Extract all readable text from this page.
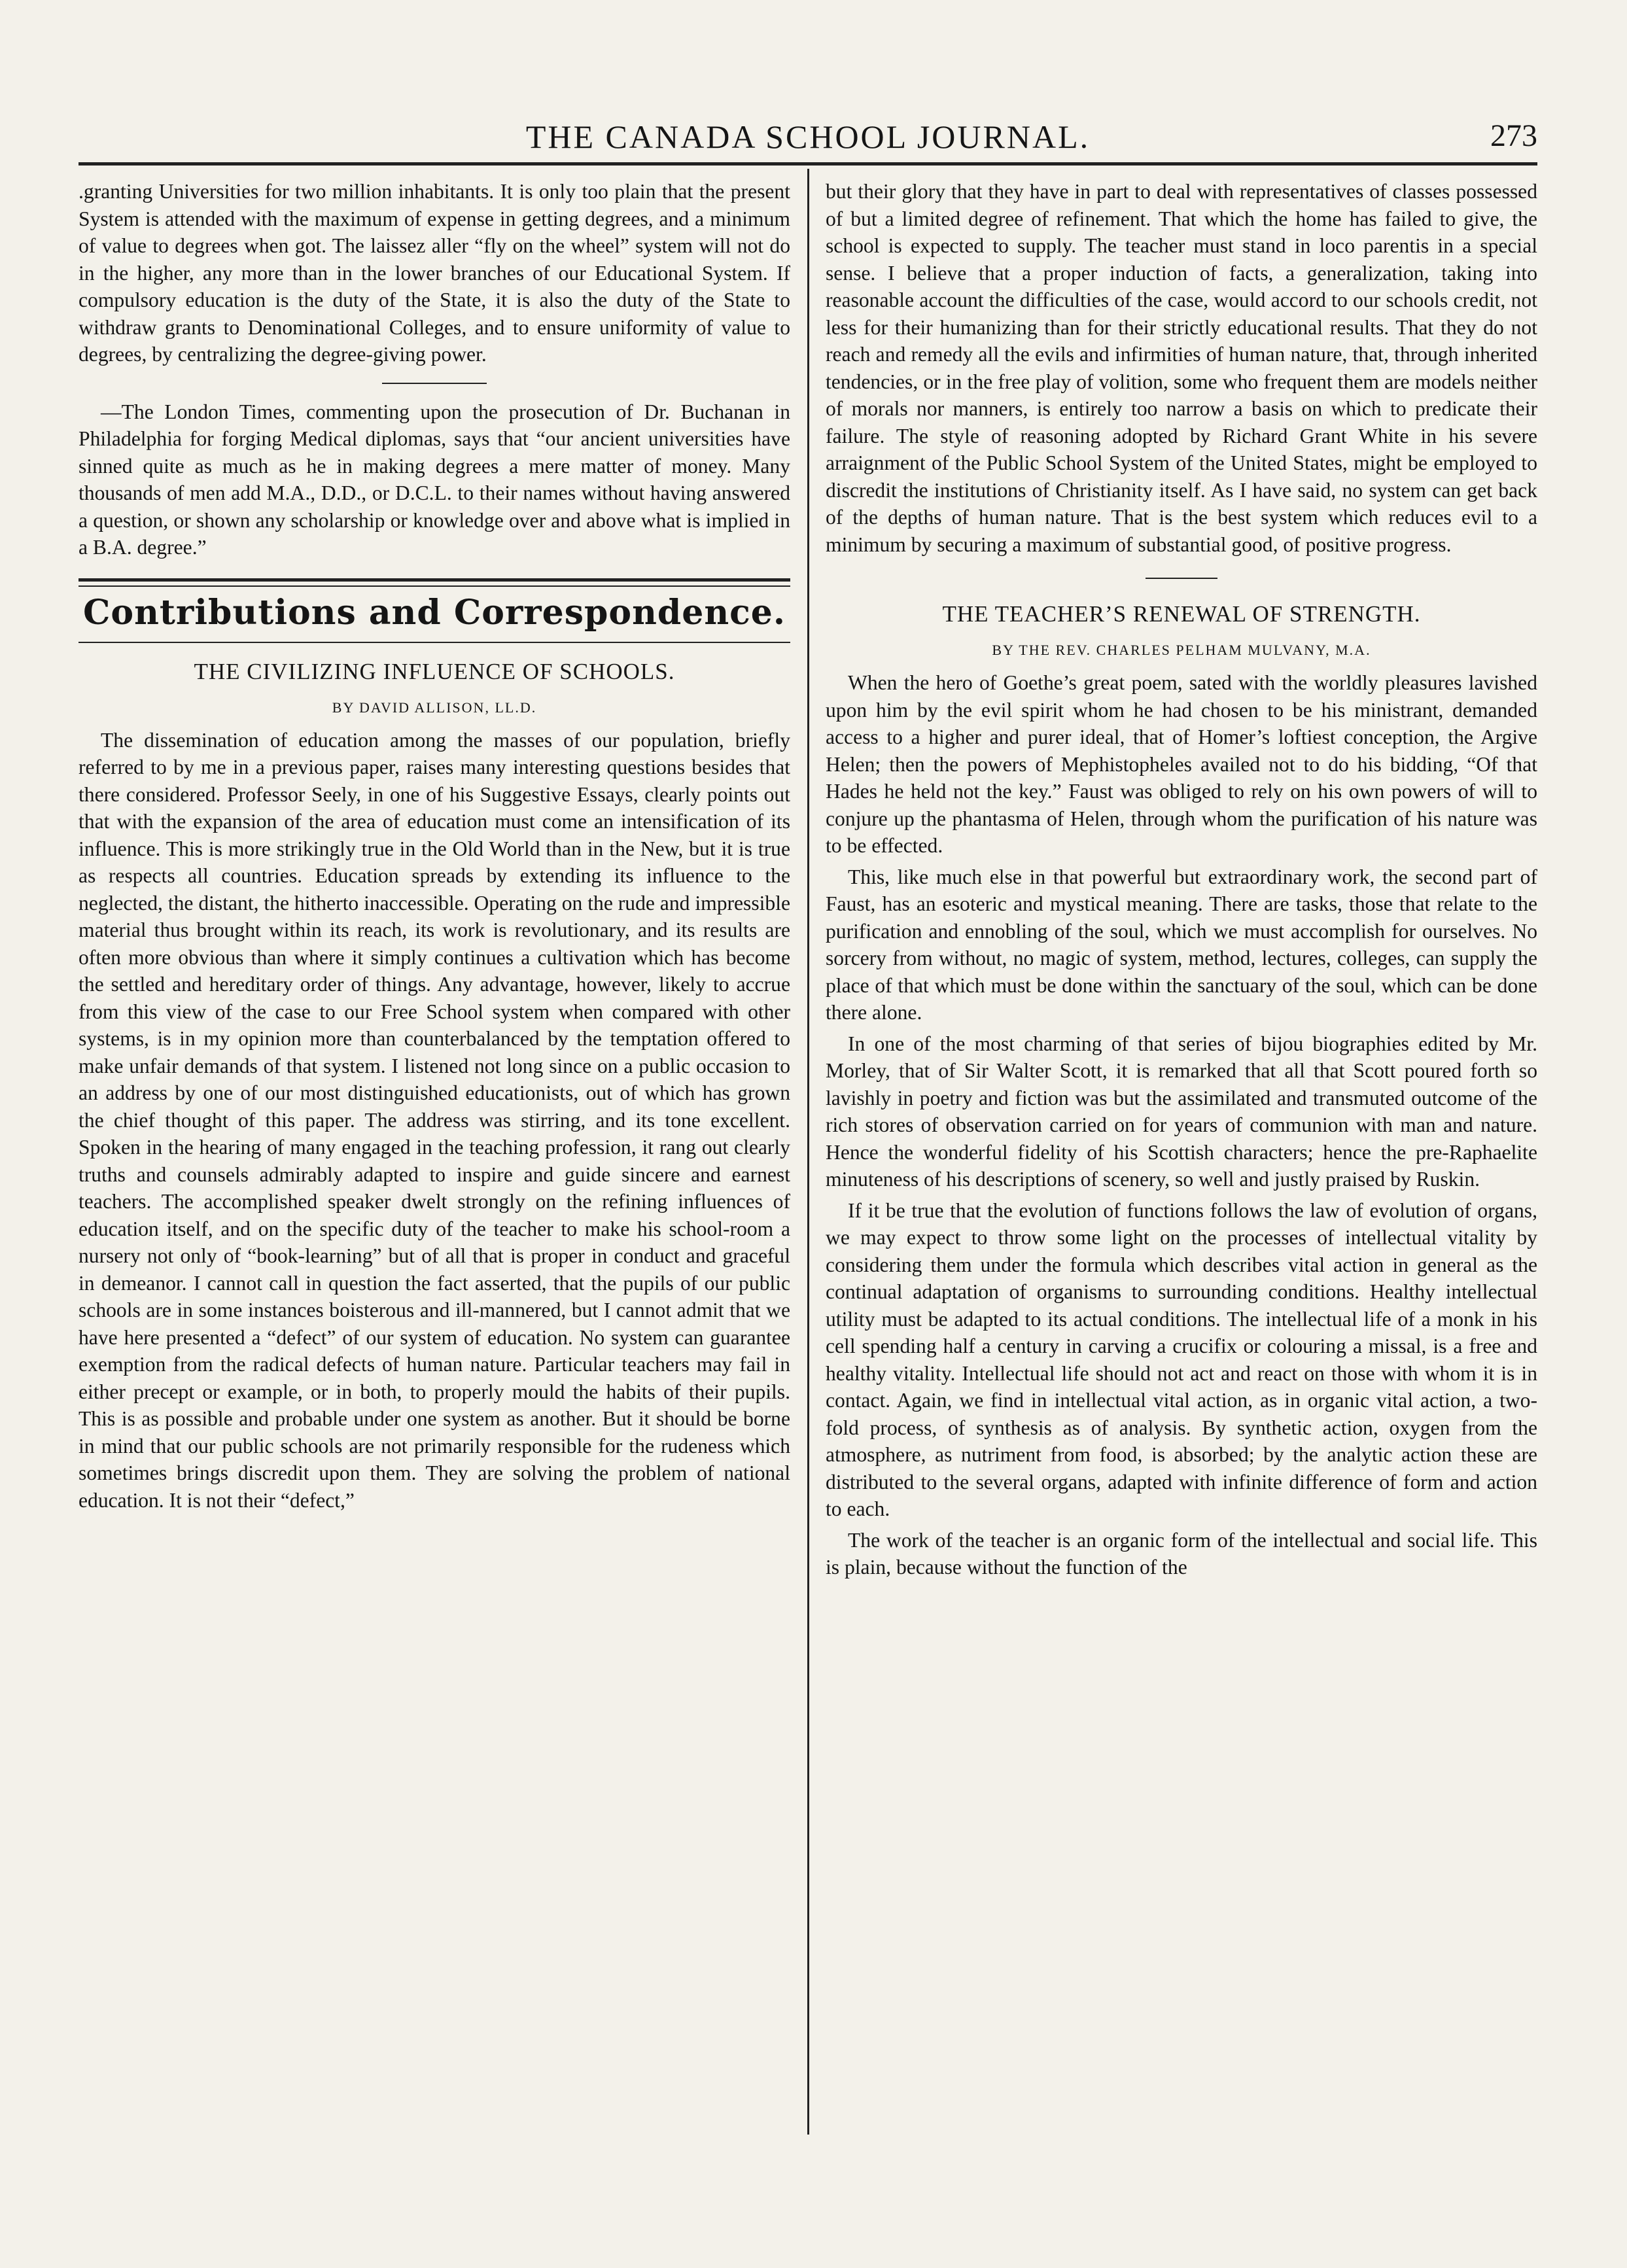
THE CANADA SCHOOL JOURNAL.	273

.granting Universities for two million inhabitants. It is only too plain that the present System is attended with the maximum of expense in getting degrees, and a minimum of value to degrees when got. The laissez aller “fly on the wheel” system will not do in the higher, any more than in the lower branches of our Educational System. If compulsory education is the duty of the State, it is also the duty of the State to withdraw grants to Denominational Colleges, and to ensure uniformity of value to degrees, by centralizing the degree-giving power.

—The London Times, commenting upon the prosecution of Dr. Buchanan in Philadelphia for forging Medical diplomas, says that “our ancient universities have sinned quite as much as he in making degrees a mere matter of money. Many thousands of men add M.A., D.D., or D.C.L. to their names without having answered a question, or shown any scholarship or knowledge over and above what is implied in a B.A. degree.”

Contributions and Correspondence.
THE CIVILIZING INFLUENCE OF SCHOOLS.
BY DAVID ALLISON, LL.D.

The dissemination of education among the masses of our population, briefly referred to by me in a previous paper, raises many interesting questions besides that there considered. Professor Seely, in one of his Suggestive Essays, clearly points out that with the expansion of the area of education must come an intensification of its influence. This is more strikingly true in the Old World than in the New, but it is true as respects all countries. Education spreads by extending its influence to the neglected, the distant, the hitherto inaccessible. Operating on the rude and impressible material thus brought within its reach, its work is revolutionary, and its results are often more obvious than where it simply continues a cultivation which has become the settled and hereditary order of things. Any advantage, however, likely to accrue from this view of the case to our Free School system when compared with other systems, is in my opinion more than counterbalanced by the temptation offered to make unfair demands of that system. I listened not long since on a public occasion to an address by one of our most distinguished educationists, out of which has grown the chief thought of this paper. The address was stirring, and its tone excellent. Spoken in the hearing of many engaged in the teaching profession, it rang out clearly truths and counsels admirably adapted to inspire and guide sincere and earnest teachers. The accomplished speaker dwelt strongly on the refining influences of education itself, and on the specific duty of the teacher to make his school-room a nursery not only of “book-learning” but of all that is proper in conduct and graceful in demeanor. I cannot call in question the fact asserted, that the pupils of our public schools are in some instances boisterous and ill-mannered, but I cannot admit that we have here presented a “defect” of our system of education. No system can guarantee exemption from the radical defects of human nature. Particular teachers may fail in either precept or example, or in both, to properly mould the habits of their pupils. This is as possible and probable under one system as another. But it should be borne in mind that our public schools are not primarily responsible for the rudeness which sometimes brings discredit upon them. They are solving the problem of national education. It is not their “defect,”

but their glory that they have in part to deal with representatives of classes possessed of but a limited degree of refinement. That which the home has failed to give, the school is expected to supply. The teacher must stand in loco parentis in a special sense. I believe that a proper induction of facts, a generalization, taking into reasonable account the difficulties of the case, would accord to our schools credit, not less for their humanizing than for their strictly educational results. That they do not reach and remedy all the evils and infirmities of human nature, that, through inherited tendencies, or in the free play of volition, some who frequent them are models neither of morals nor manners, is entirely too narrow a basis on which to predicate their failure. The style of reasoning adopted by Richard Grant White in his severe arraignment of the Public School System of the United States, might be employed to discredit the institutions of Christianity itself. As I have said, no system can get back of the depths of human nature. That is the best system which reduces evil to a minimum by securing a maximum of substantial good, of positive progress.

THE TEACHER’S RENEWAL OF STRENGTH.
BY THE REV. CHARLES PELHAM MULVANY, M.A.

When the hero of Goethe’s great poem, sated with the worldly pleasures lavished upon him by the evil spirit whom he had chosen to be his ministrant, demanded access to a higher and purer ideal, that of Homer’s loftiest conception, the Argive Helen; then the powers of Mephistopheles availed not to do his bidding, “Of that Hades he held not the key.” Faust was obliged to rely on his own powers of will to conjure up the phantasma of Helen, through whom the purification of his nature was to be effected.

This, like much else in that powerful but extraordinary work, the second part of Faust, has an esoteric and mystical meaning. There are tasks, those that relate to the purification and ennobling of the soul, which we must accomplish for ourselves. No sorcery from without, no magic of system, method, lectures, colleges, can supply the place of that which must be done within the sanctuary of the soul, which can be done there alone.

In one of the most charming of that series of bijou biographies edited by Mr. Morley, that of Sir Walter Scott, it is remarked that all that Scott poured forth so lavishly in poetry and fiction was but the assimilated and transmuted outcome of the rich stores of observation carried on for years of communion with man and nature. Hence the wonderful fidelity of his Scottish characters; hence the pre-Raphaelite minuteness of his descriptions of scenery, so well and justly praised by Ruskin.

If it be true that the evolution of functions follows the law of evolution of organs, we may expect to throw some light on the processes of intellectual vitality by considering them under the formula which describes vital action in general as the continual adaptation of organisms to surrounding conditions. Healthy intellectual utility must be adapted to its actual conditions. The intellectual life of a monk in his cell spending half a century in carving a crucifix or colouring a missal, is a free and healthy vitality. Intellectual life should not act and react on those with whom it is in contact. Again, we find in intellectual vital action, as in organic vital action, a two-fold process, of synthesis as of analysis. By synthetic action, oxygen from the atmosphere, as nutriment from food, is absorbed; by the analytic action these are distributed to the several organs, adapted with infinite difference of form and action to each.

The work of the teacher is an organic form of the intellectual and social life. This is plain, because without the function of the
